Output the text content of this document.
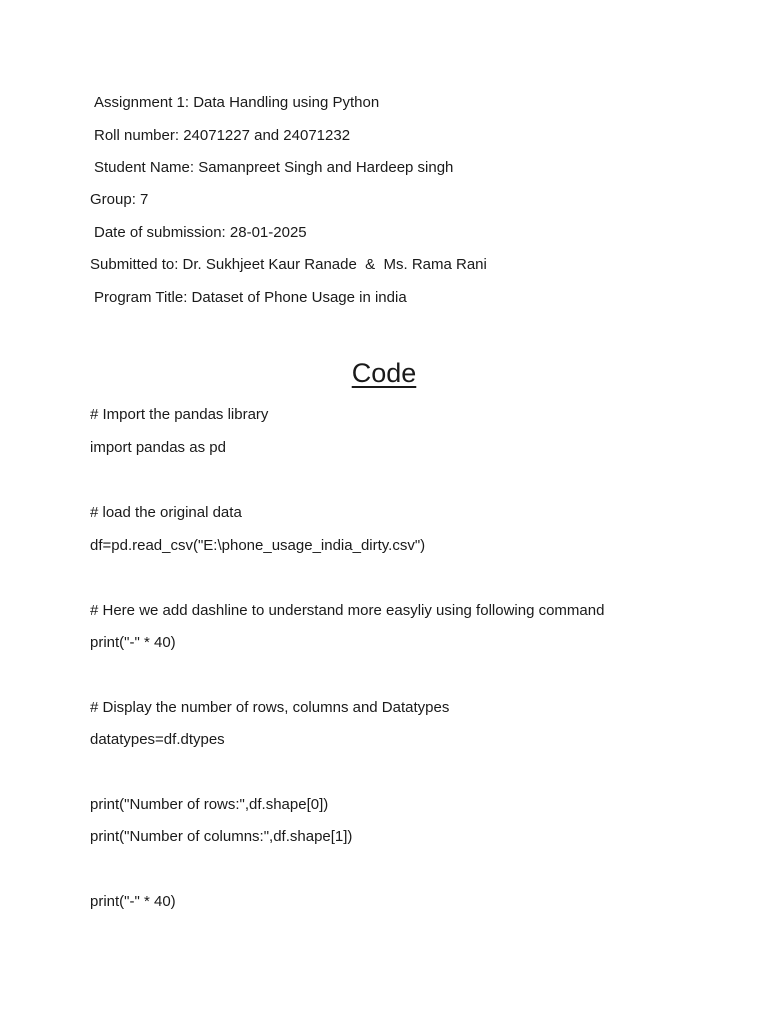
Assignment 1: Data Handling using Python
Roll number: 24071227 and 24071232
Student Name: Samanpreet Singh and Hardeep singh
Group: 7
Date of submission: 28-01-2025
Submitted to: Dr. Sukhjeet Kaur Ranade  &  Ms. Rama Rani
Program Title: Dataset of Phone Usage in india
Code
# Import the pandas library
import pandas as pd
# load the original data
df=pd.read_csv("E:\phone_usage_india_dirty.csv")
# Here we add dashline to understand more easyliy using following command
print("-" * 40)
# Display the number of rows, columns and Datatypes
datatypes=df.dtypes
print("Number of rows:",df.shape[0])
print("Number of columns:",df.shape[1])
print("-" * 40)
